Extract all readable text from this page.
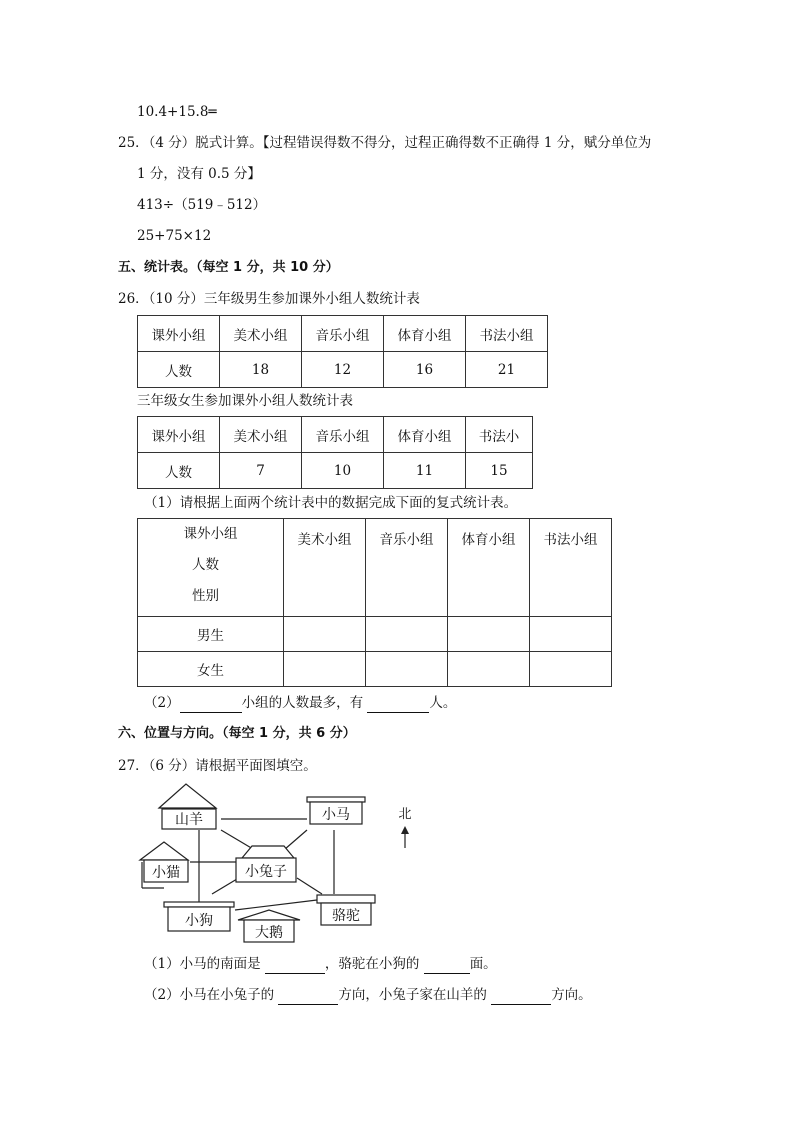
10.4+15.8═
25．（4 分）脱式计算。【过程错误得数不得分，过程正确得数不正确得 1 分，赋分单位为
1 分，没有 0.5 分】
413÷（519﹣512）
25+75×12
五、统计表。（每空 1 分，共 10 分）
26．（10 分）三年级男生参加课外小组人数统计表
课外小组	美术小组	音乐小组	体育小组	书法小组
人数	18	12	16	21
三年级女生参加课外小组人数统计表
课外小组	美术小组	音乐小组	体育小组	书法小
人数	7	10	11	15
（1）请根据上面两个统计表中的数据完成下面的复式统计表。
课外小组
人数
性别	美术小组	音乐小组	体育小组	书法小组
男生				
女生				
（2）	小组的人数最多，有	人。
六、位置与方向。（每空 1 分，共 6 分）
27．（6 分）请根据平面图填空。
山羊	小马
小猫	小兔子
小狗
大鹅
骆驼
北
（1）小马的南面是	，骆驼在小狗的	面。
（2）小马在小兔子的	方向，小兔子家在山羊的	方向。
